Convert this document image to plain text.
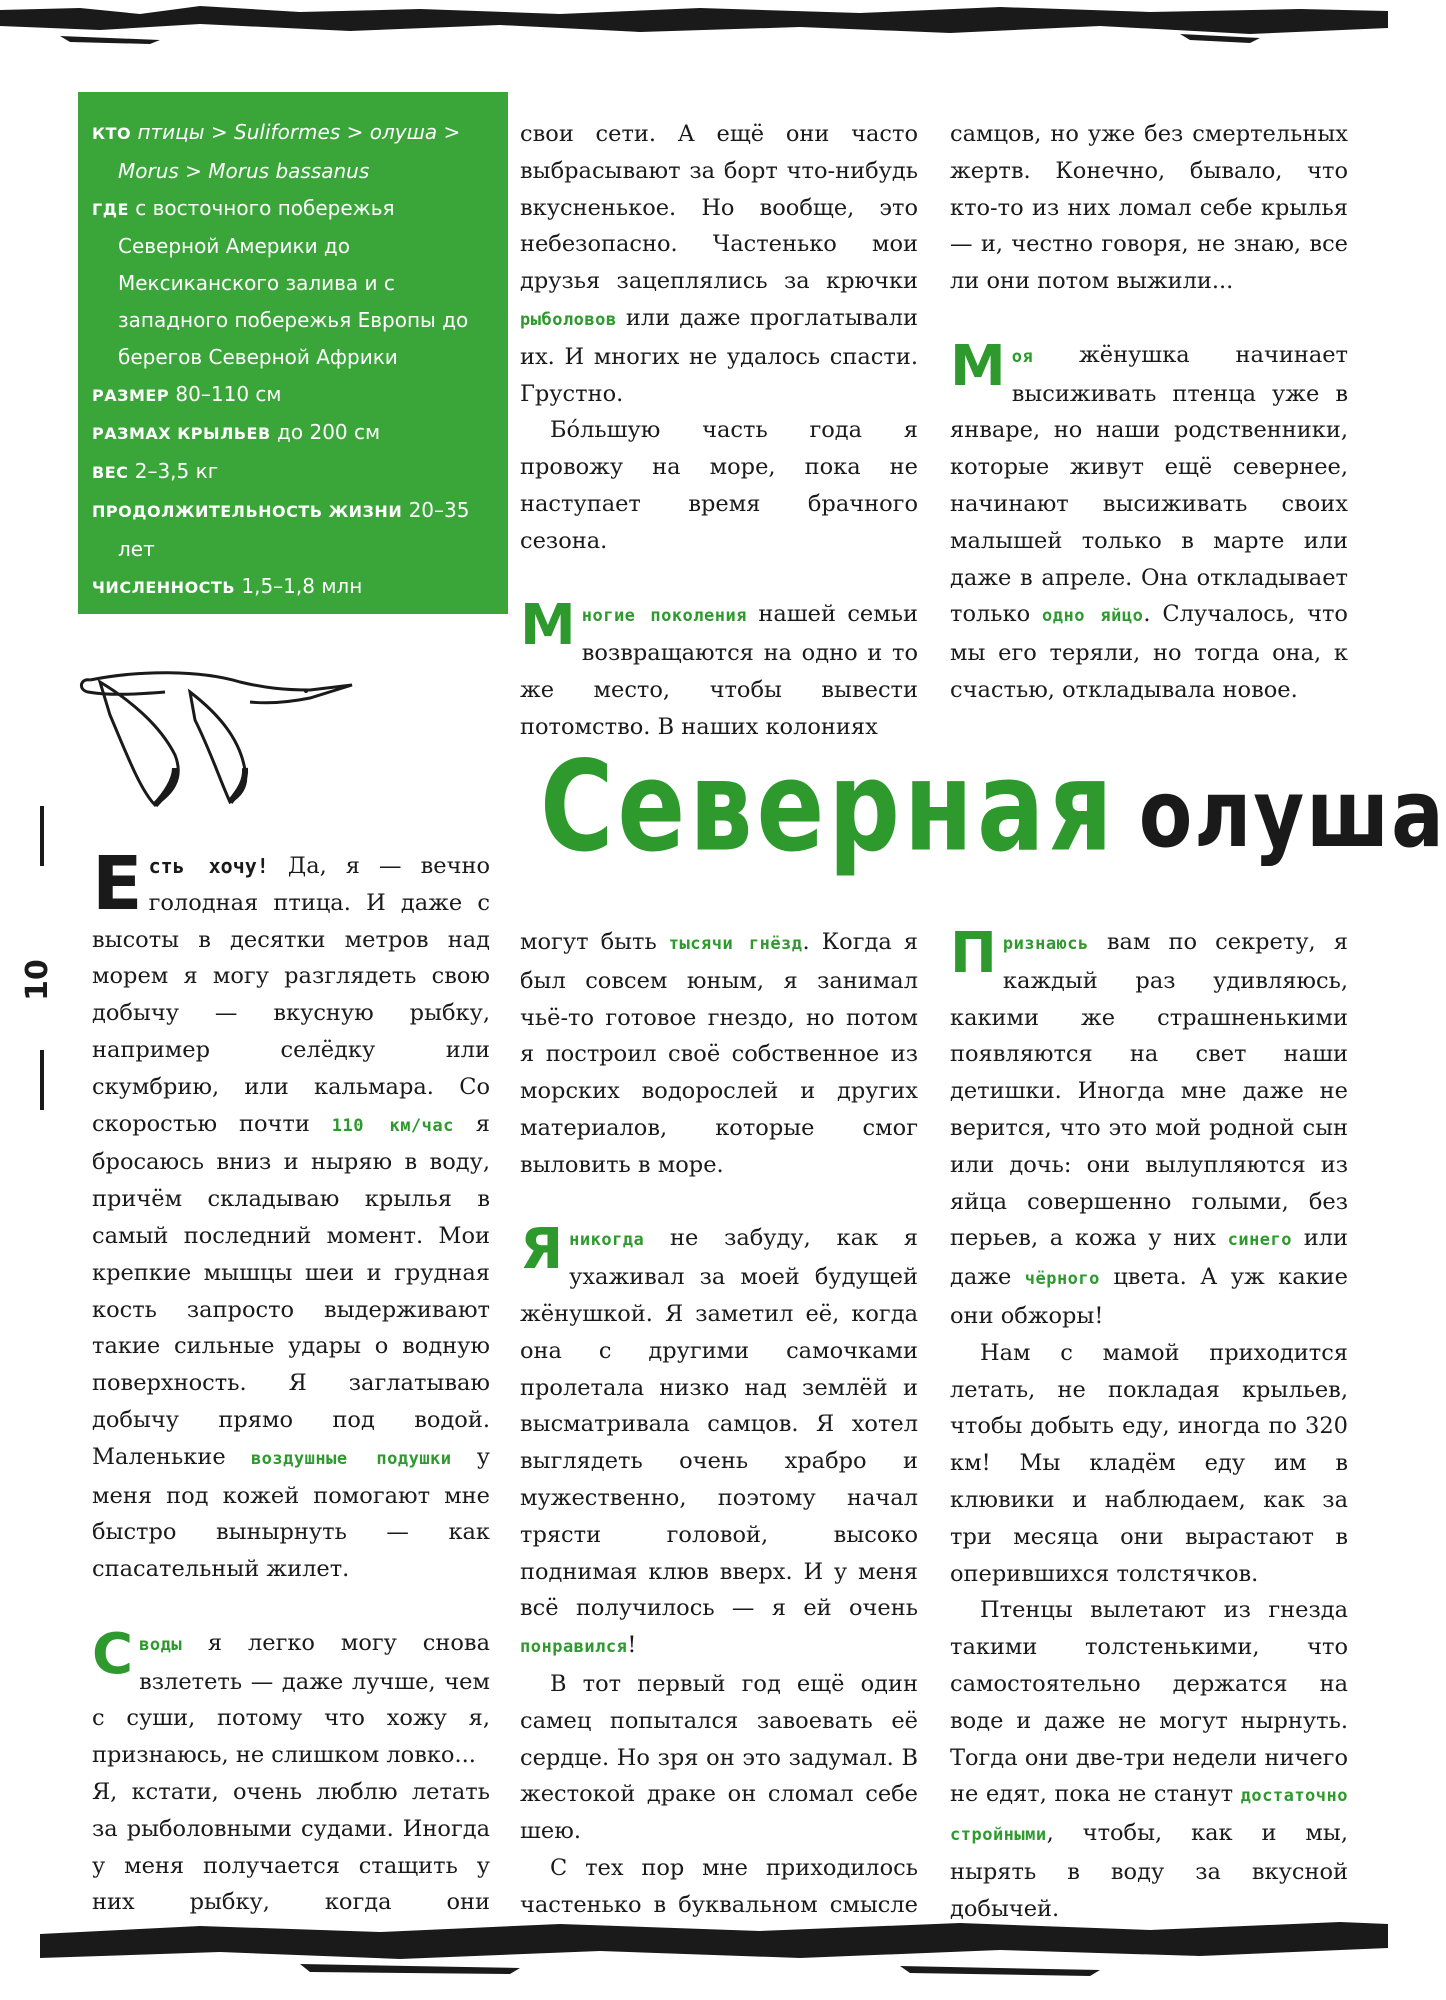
10
КТО птицы > Suliformes > олуша > Morus > Morus bassanus
ГДЕ с восточного побережья Северной Америки до Мексиканского залива и с западного побережья Европы до берегов Северной Африки
РАЗМЕР 80–110 см
РАЗМАХ КРЫЛЬЕВ до 200 см
ВЕС 2–3,5 кг
ПРОДОЛЖИТЕЛЬНОСТЬ ЖИЗНИ 20–35 лет
ЧИСЛЕННОСТЬ 1,5–1,8 млн
ОХРАННЫЙ СТАТУС нет угрозы исчезновения
Северная олуша

Есть хочу! Да, я — вечно голодная птица. И даже с высоты в десятки метров над морем я могу разглядеть свою добычу — вкусную рыбку, например селёдку или скумбрию, или кальмара. Со скоростью почти 110 км/час я бросаюсь вниз и ныряю в воду, причём складываю крылья в самый последний момент. Мои крепкие мышцы шеи и грудная кость запросто выдерживают такие сильные удары о водную поверхность. Я заглатываю добычу прямо под водой. Маленькие воздушные подушки у меня под кожей помогают мне быстро вынырнуть — как спасательный жилет.

Своды я легко могу снова взлететь — даже лучше, чем с суши, потому что хожу я, признаюсь, не слишком ловко...

Я, кстати, очень люблю летать за рыболовными судами. Иногда у меня получается стащить у них рыбку, когда они вытаскивают

свои сети. А ещё они часто выбрасывают за борт что-нибудь вкусненькое. Но вообще, это небезопасно. Частенько мои друзья зацеплялись за крючки рыболовов или даже проглатывали их. И многих не удалось спасти. Грустно.

Бо́льшую часть года я провожу на море, пока не наступает время брачного сезона.

Многие поколения нашей семьи возвращаются на одно и то же место, чтобы вывести потомство. В наших колониях

могут быть тысячи гнёзд. Когда я был совсем юным, я занимал чьё-то готовое гнездо, но потом я построил своё собственное из морских водорослей и других материалов, которые смог выловить в море.

Яникогда не забуду, как я ухаживал за моей будущей жёнушкой. Я заметил её, когда она с другими самочками пролетала низко над землёй и высматривала самцов. Я хотел выглядеть очень храбро и мужественно, поэтому начал трясти головой, высоко поднимая клюв вверх. И у меня всё получилось — я ей очень понравился!

В тот первый год ещё один самец попытался завоевать её сердце. Но зря он это задумал. В жестокой драке он сломал себе шею.

С тех пор мне приходилось частенько в буквальном смысле отбивать мою жёнушку у других

самцов, но уже без смертельных жертв. Конечно, бывало, что кто-то из них ломал себе крылья — и, честно говоря, не знаю, все ли они потом выжили...

Моя жёнушка начинает высиживать птенца уже в январе, но наши родственники, которые живут ещё севернее, начинают высиживать своих малышей только в марте или даже в апреле. Она откладывает только одно яйцо. Случалось, что мы его теряли, но тогда она, к счастью, откладывала новое.

Признаюсь вам по секрету, я каждый раз удивляюсь, какими же страшненькими появляются на свет наши детишки. Иногда мне даже не верится, что это мой родной сын или дочь: они вылупляются из яйца совершенно голыми, без перьев, а кожа у них синего или даже чёрного цвета. А уж какие они обжоры!

Нам с мамой приходится летать, не покладая крыльев, чтобы добыть еду, иногда по 320 км! Мы кладём еду им в клювики и наблюдаем, как за три месяца они вырастают в оперившихся толстячков.

Птенцы вылетают из гнезда такими толстенькими, что самостоятельно держатся на воде и даже не могут нырнуть. Тогда они две-три недели ничего не едят, пока не станут достаточно стройными, чтобы, как и мы, нырять в воду за вкусной добычей.
